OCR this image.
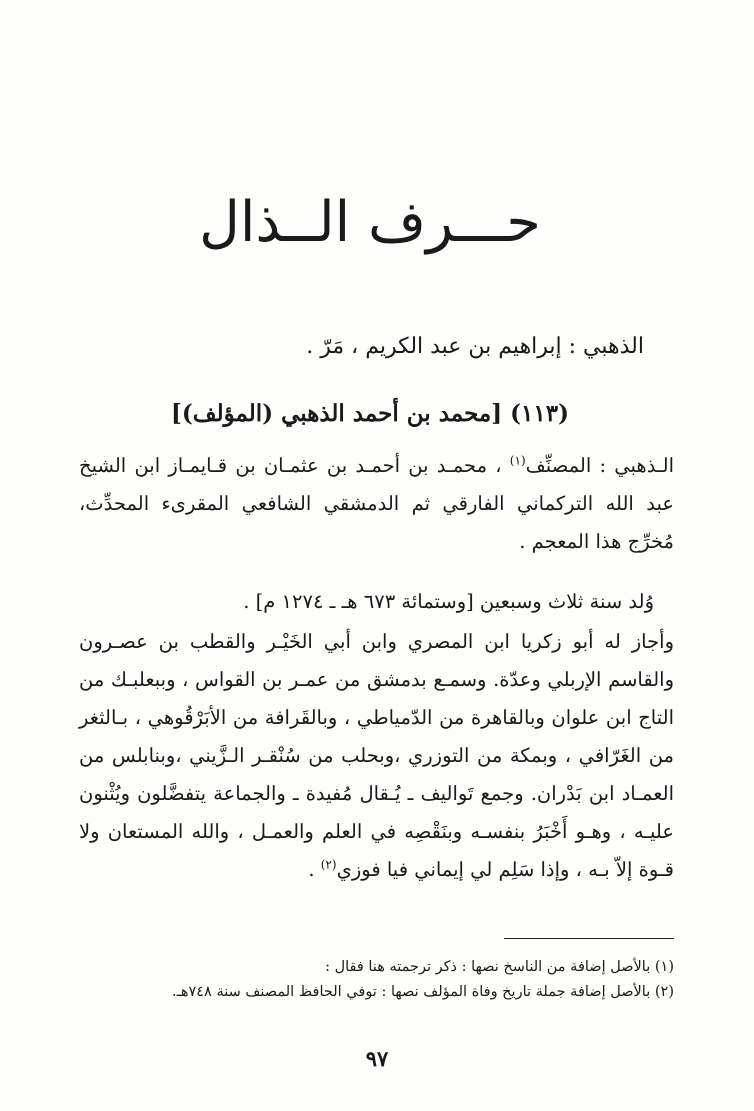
حـــرف الــذال
الذهبي : إبراهيم بن عبد الكريم ، مَرّ .
(١١٣) [محمد بن أحمد الذهبي (المؤلف)]
الـذهبي : المصنِّف$^{(١)}$ ، محمـد بن أحمـد بن عثمـان بن قـايمـاز ابن الشيخ عبد الله التركماني الفارقي ثم الدمشقي الشافعي المقرىء المحدِّث، مُخرِّج هذا المعجم .
وُلد سنة ثلاث وسبعين [وستمائة ٦٧٣ هـ ـ ١٢٧٤ م] .
وأجاز له أبو زكريا ابن المصري وابن أبي الخَيْـر والقطب بن عصـرون والقاسم الإربلي وعدّة. وسمـع بدمشق من عمـر بن القواس ، وببعلبـك من التاج ابن علوان وبالقاهرة من الدّمياطي ، وبالقَرافة من الأبَرْقُوهي ، بـالثغر من الغَرّافي ، وبمكة من التوزري ،وبحلب من سُنْقـر الـزَّيني ،وبنابلس من العمـاد ابن بَدْران. وجمع تَواليف ـ يُـقال مُفيدة ـ والجماعة يتفضَّلون ويُثْنون عليـه ، وهـو أَخْبَرُ بنفسـه وبنَقْصِه في العلم والعمـل ، والله المستعان ولا قـوة إلاّ بـه ، وإذا سَلِم لي إيماني فيا فوزي$^{(٢)}$ .
(١) بالأصل إضافة من الناسخ نصها : ذكر ترجمته هنا فقال :
(٢) بالأصل إضافة جملة تاريخ وفاة المؤلف نصها : توفي الحافظ المصنف سنة ٧٤٨هـ.
٩٧
